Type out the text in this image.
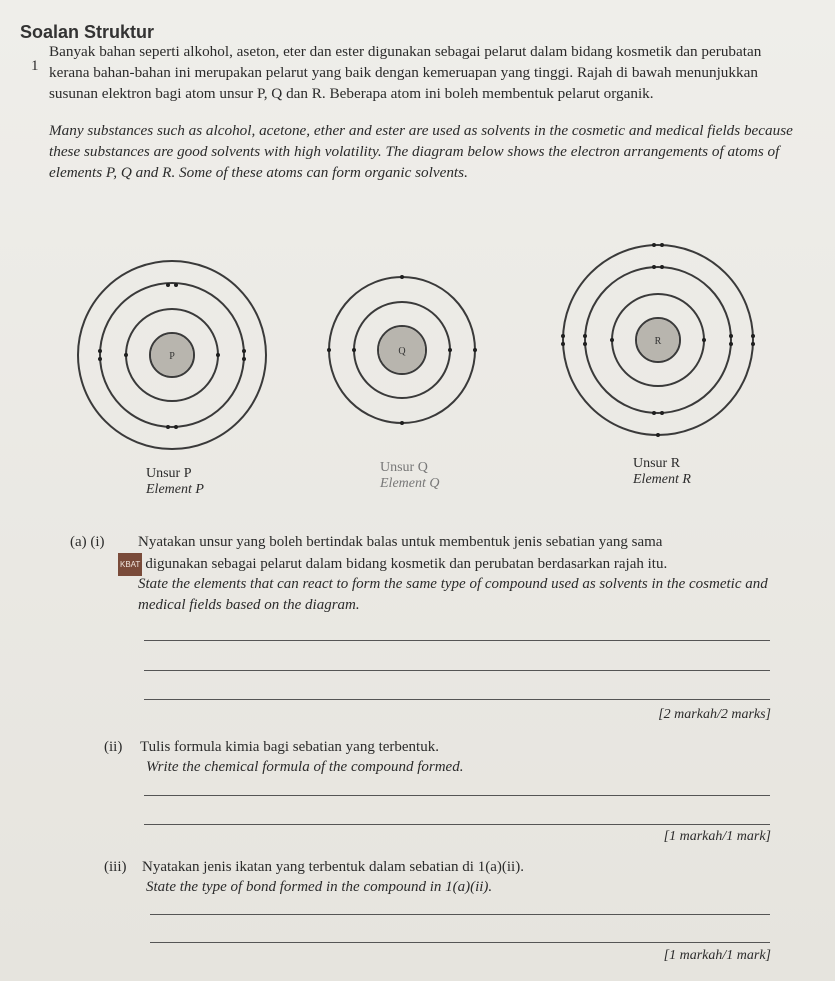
Soalan Struktur
1
Banyak bahan seperti alkohol, aseton, eter dan ester digunakan sebagai pelarut dalam bidang kosmetik dan perubatan kerana bahan-bahan ini merupakan pelarut yang baik dengan kemeruapan yang tinggi. Rajah di bawah menunjukkan susunan elektron bagi atom unsur P, Q dan R. Beberapa atom ini boleh membentuk pelarut organik.
Many substances such as alcohol, acetone, ether and ester are used as solvents in the cosmetic and medical fields because these substances are good solvents with high volatility. The diagram below shows the electron arrangements of atoms of elements P, Q and R. Some of these atoms can form organic solvents.
P	Q
R
Unsur P
Element P
Unsur Q
Element Q
Unsur R
Element R
(a) (i) Nyatakan unsur yang boleh bertindak balas untuk membentuk jenis sebatian yang sama
KBAT digunakan sebagai pelarut dalam bidang kosmetik dan perubatan berdasarkan rajah itu.
State the elements that can react to form the same type of compound used as solvents in the cosmetic and medical fields based on the diagram.
[2 markah/2 marks]
(ii) Tulis formula kimia bagi sebatian yang terbentuk.
Write the chemical formula of the compound formed.
[1 markah/1 mark]
(iii) Nyatakan jenis ikatan yang terbentuk dalam sebatian di 1(a)(ii).
State the type of bond formed in the compound in 1(a)(ii).
[1 markah/1 mark]
